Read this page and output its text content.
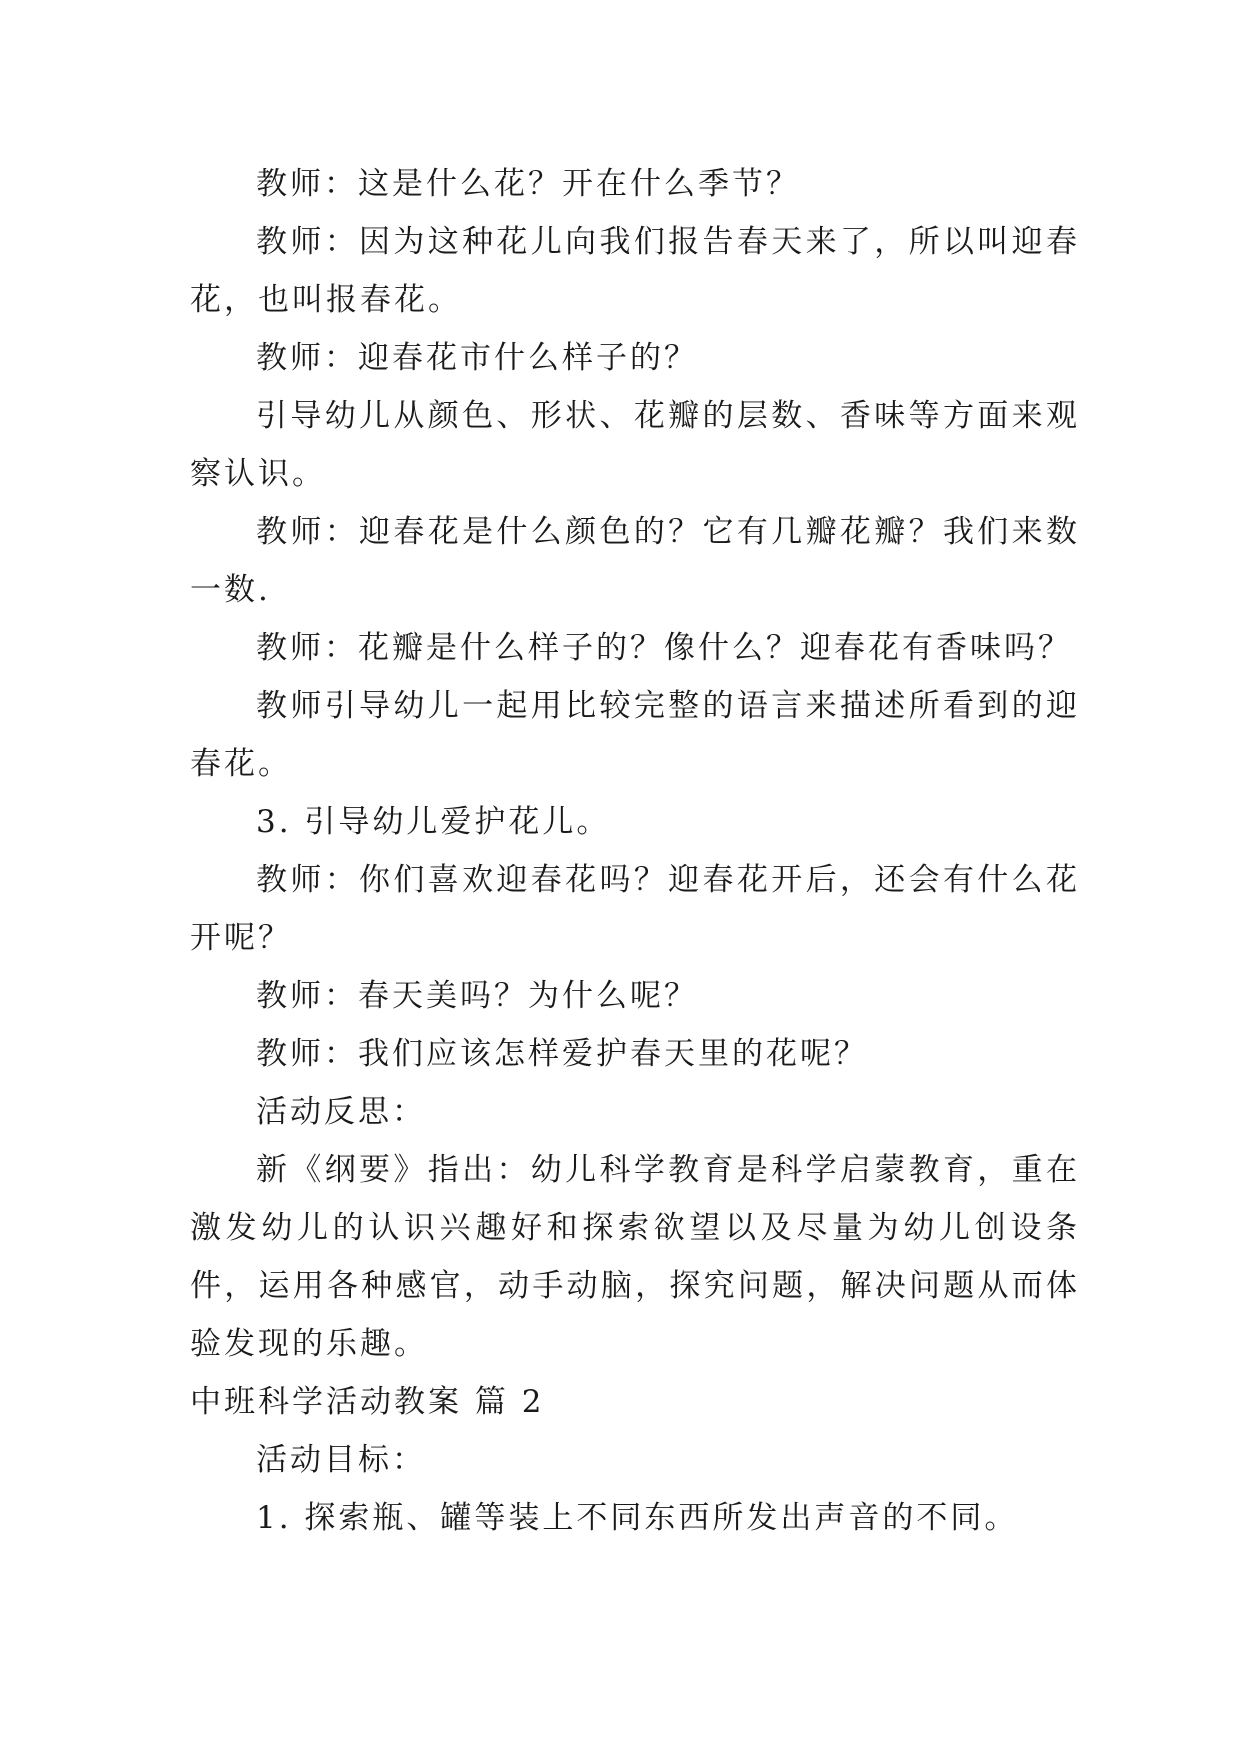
教师：这是什么花？开在什么季节？

教师：因为这种花儿向我们报告春天来了，所以叫迎春花，也叫报春花。

教师：迎春花市什么样子的？

引导幼儿从颜色、形状、花瓣的层数、香味等方面来观察认识。

教师：迎春花是什么颜色的？它有几瓣花瓣？我们来数一数.

教师：花瓣是什么样子的？像什么？迎春花有香味吗？

教师引导幼儿一起用比较完整的语言来描述所看到的迎春花。

3. 引导幼儿爱护花儿。

教师：你们喜欢迎春花吗？迎春花开后，还会有什么花开呢？

教师：春天美吗？为什么呢？

教师：我们应该怎样爱护春天里的花呢？

活动反思：

新《纲要》指出：幼儿科学教育是科学启蒙教育，重在激发幼儿的认识兴趣好和探索欲望以及尽量为幼儿创设条件，运用各种感官，动手动脑，探究问题，解决问题从而体验发现的乐趣。

中班科学活动教案 篇 2

活动目标：

1. 探索瓶、罐等装上不同东西所发出声音的不同。
